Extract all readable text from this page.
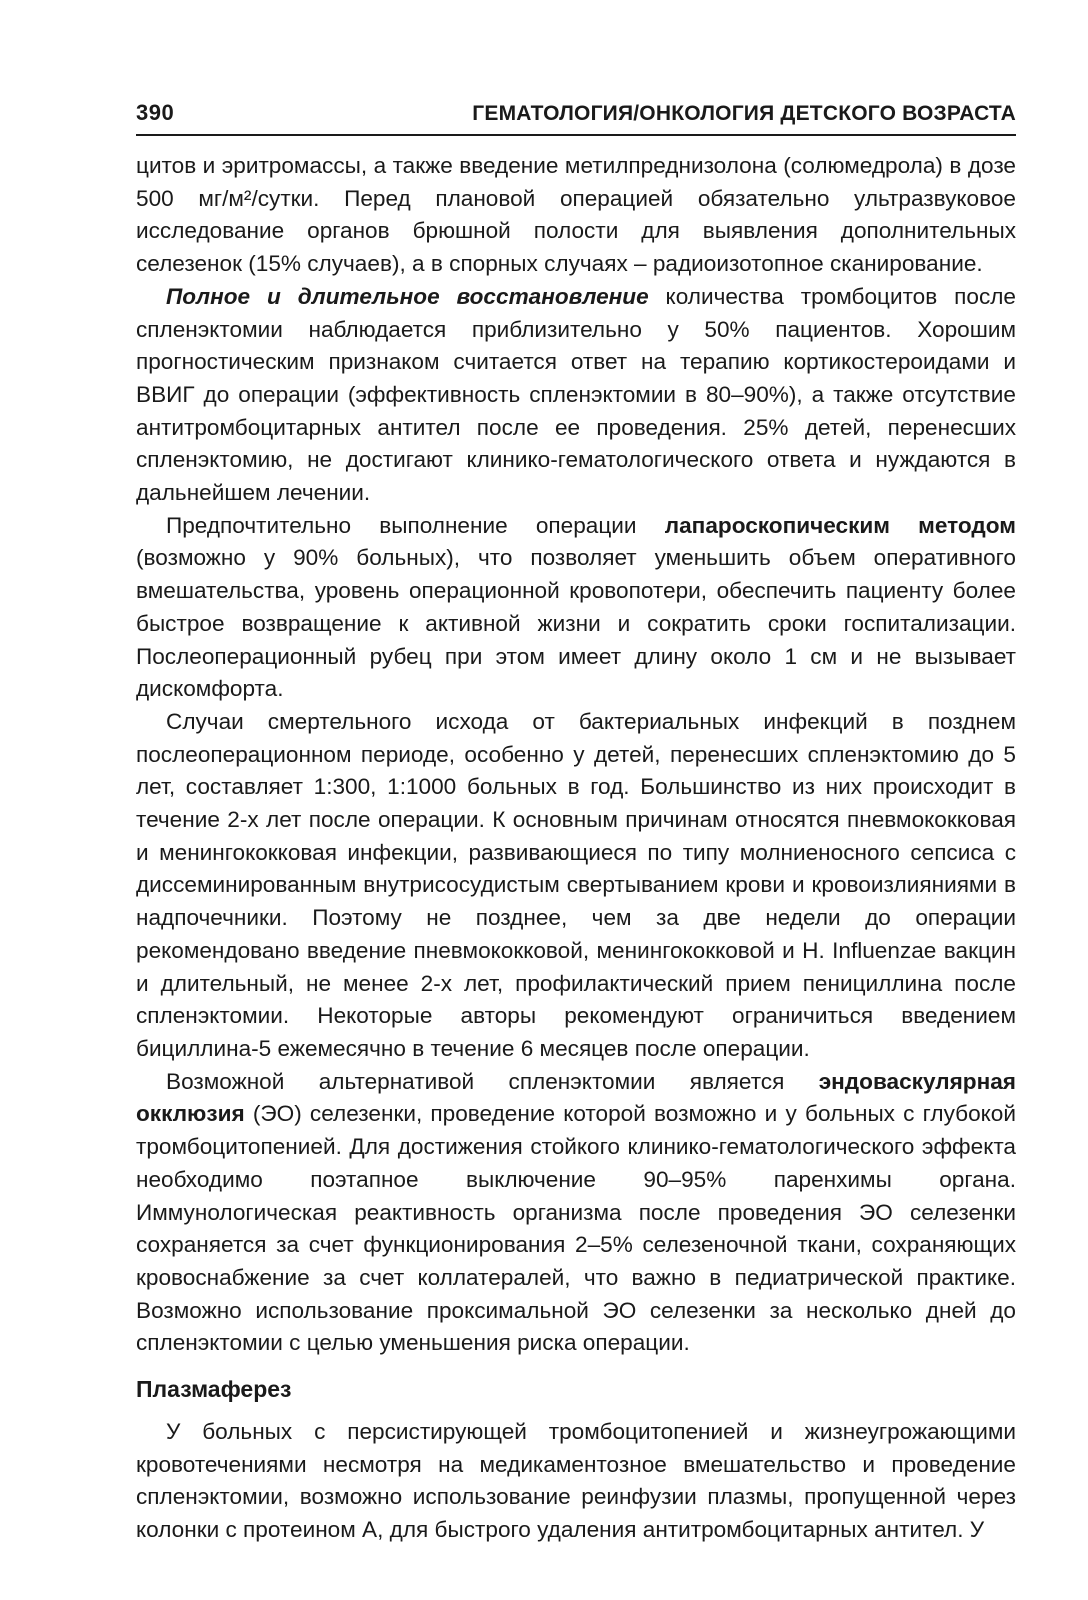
390	ГЕМАТОЛОГИЯ/ОНКОЛОГИЯ ДЕТСКОГО ВОЗРАСТА

цитов и эритромассы, а также введение метилпреднизолона (солюмедрола) в дозе 500 мг/м²/сутки. Перед плановой операцией обязательно ультразвуковое исследование органов брюшной полости для выявления дополнительных селезенок (15% случаев), а в спорных случаях – радиоизотопное сканирование.

Полное и длительное восстановление количества тромбоцитов после спленэктомии наблюдается приблизительно у 50% пациентов. Хорошим прогностическим признаком считается ответ на терапию кортикостероидами и ВВИГ до операции (эффективность спленэктомии в 80–90%), а также отсутствие антитромбоцитарных антител после ее проведения. 25% детей, перенесших спленэктомию, не достигают клинико-гематологического ответа и нуждаются в дальнейшем лечении.

Предпочтительно выполнение операции лапароскопическим методом (возможно у 90% больных), что позволяет уменьшить объем оперативного вмешательства, уровень операционной кровопотери, обеспечить пациенту более быстрое возвращение к активной жизни и сократить сроки госпитализации. Послеоперационный рубец при этом имеет длину около 1 см и не вызывает дискомфорта.

Случаи смертельного исхода от бактериальных инфекций в позднем послеоперационном периоде, особенно у детей, перенесших спленэктомию до 5 лет, составляет 1:300, 1:1000 больных в год. Большинство из них происходит в течение 2-х лет после операции. К основным причинам относятся пневмококковая и менингококковая инфекции, развивающиеся по типу молниеносного сепсиса с диссеминированным внутрисосудистым свертыванием крови и кровоизлияниями в надпочечники. Поэтому не позднее, чем за две недели до операции рекомендовано введение пневмококковой, менингококковой и H. Influenzae вакцин и длительный, не менее 2-х лет, профилактический прием пенициллина после спленэктомии. Некоторые авторы рекомендуют ограничиться введением бициллина-5 ежемесячно в течение 6 месяцев после операции.

Возможной альтернативой спленэктомии является эндоваскулярная окклюзия (ЭО) селезенки, проведение которой возможно и у больных с глубокой тромбоцитопенией. Для достижения стойкого клинико-гематологического эффекта необходимо поэтапное выключение 90–95% паренхимы органа. Иммунологическая реактивность организма после проведения ЭО селезенки сохраняется за счет функционирования 2–5% селезеночной ткани, сохраняющих кровоснабжение за счет коллатералей, что важно в педиатрической практике. Возможно использование проксимальной ЭО селезенки за несколько дней до спленэктомии с целью уменьшения риска операции.

Плазмаферез

У больных с персистирующей тромбоцитопенией и жизнеугрожающими кровотечениями несмотря на медикаментозное вмешательство и проведение спленэктомии, возможно использование реинфузии плазмы, пропущенной через колонки с протеином А, для быстрого удаления антитромбоцитарных антител. У
